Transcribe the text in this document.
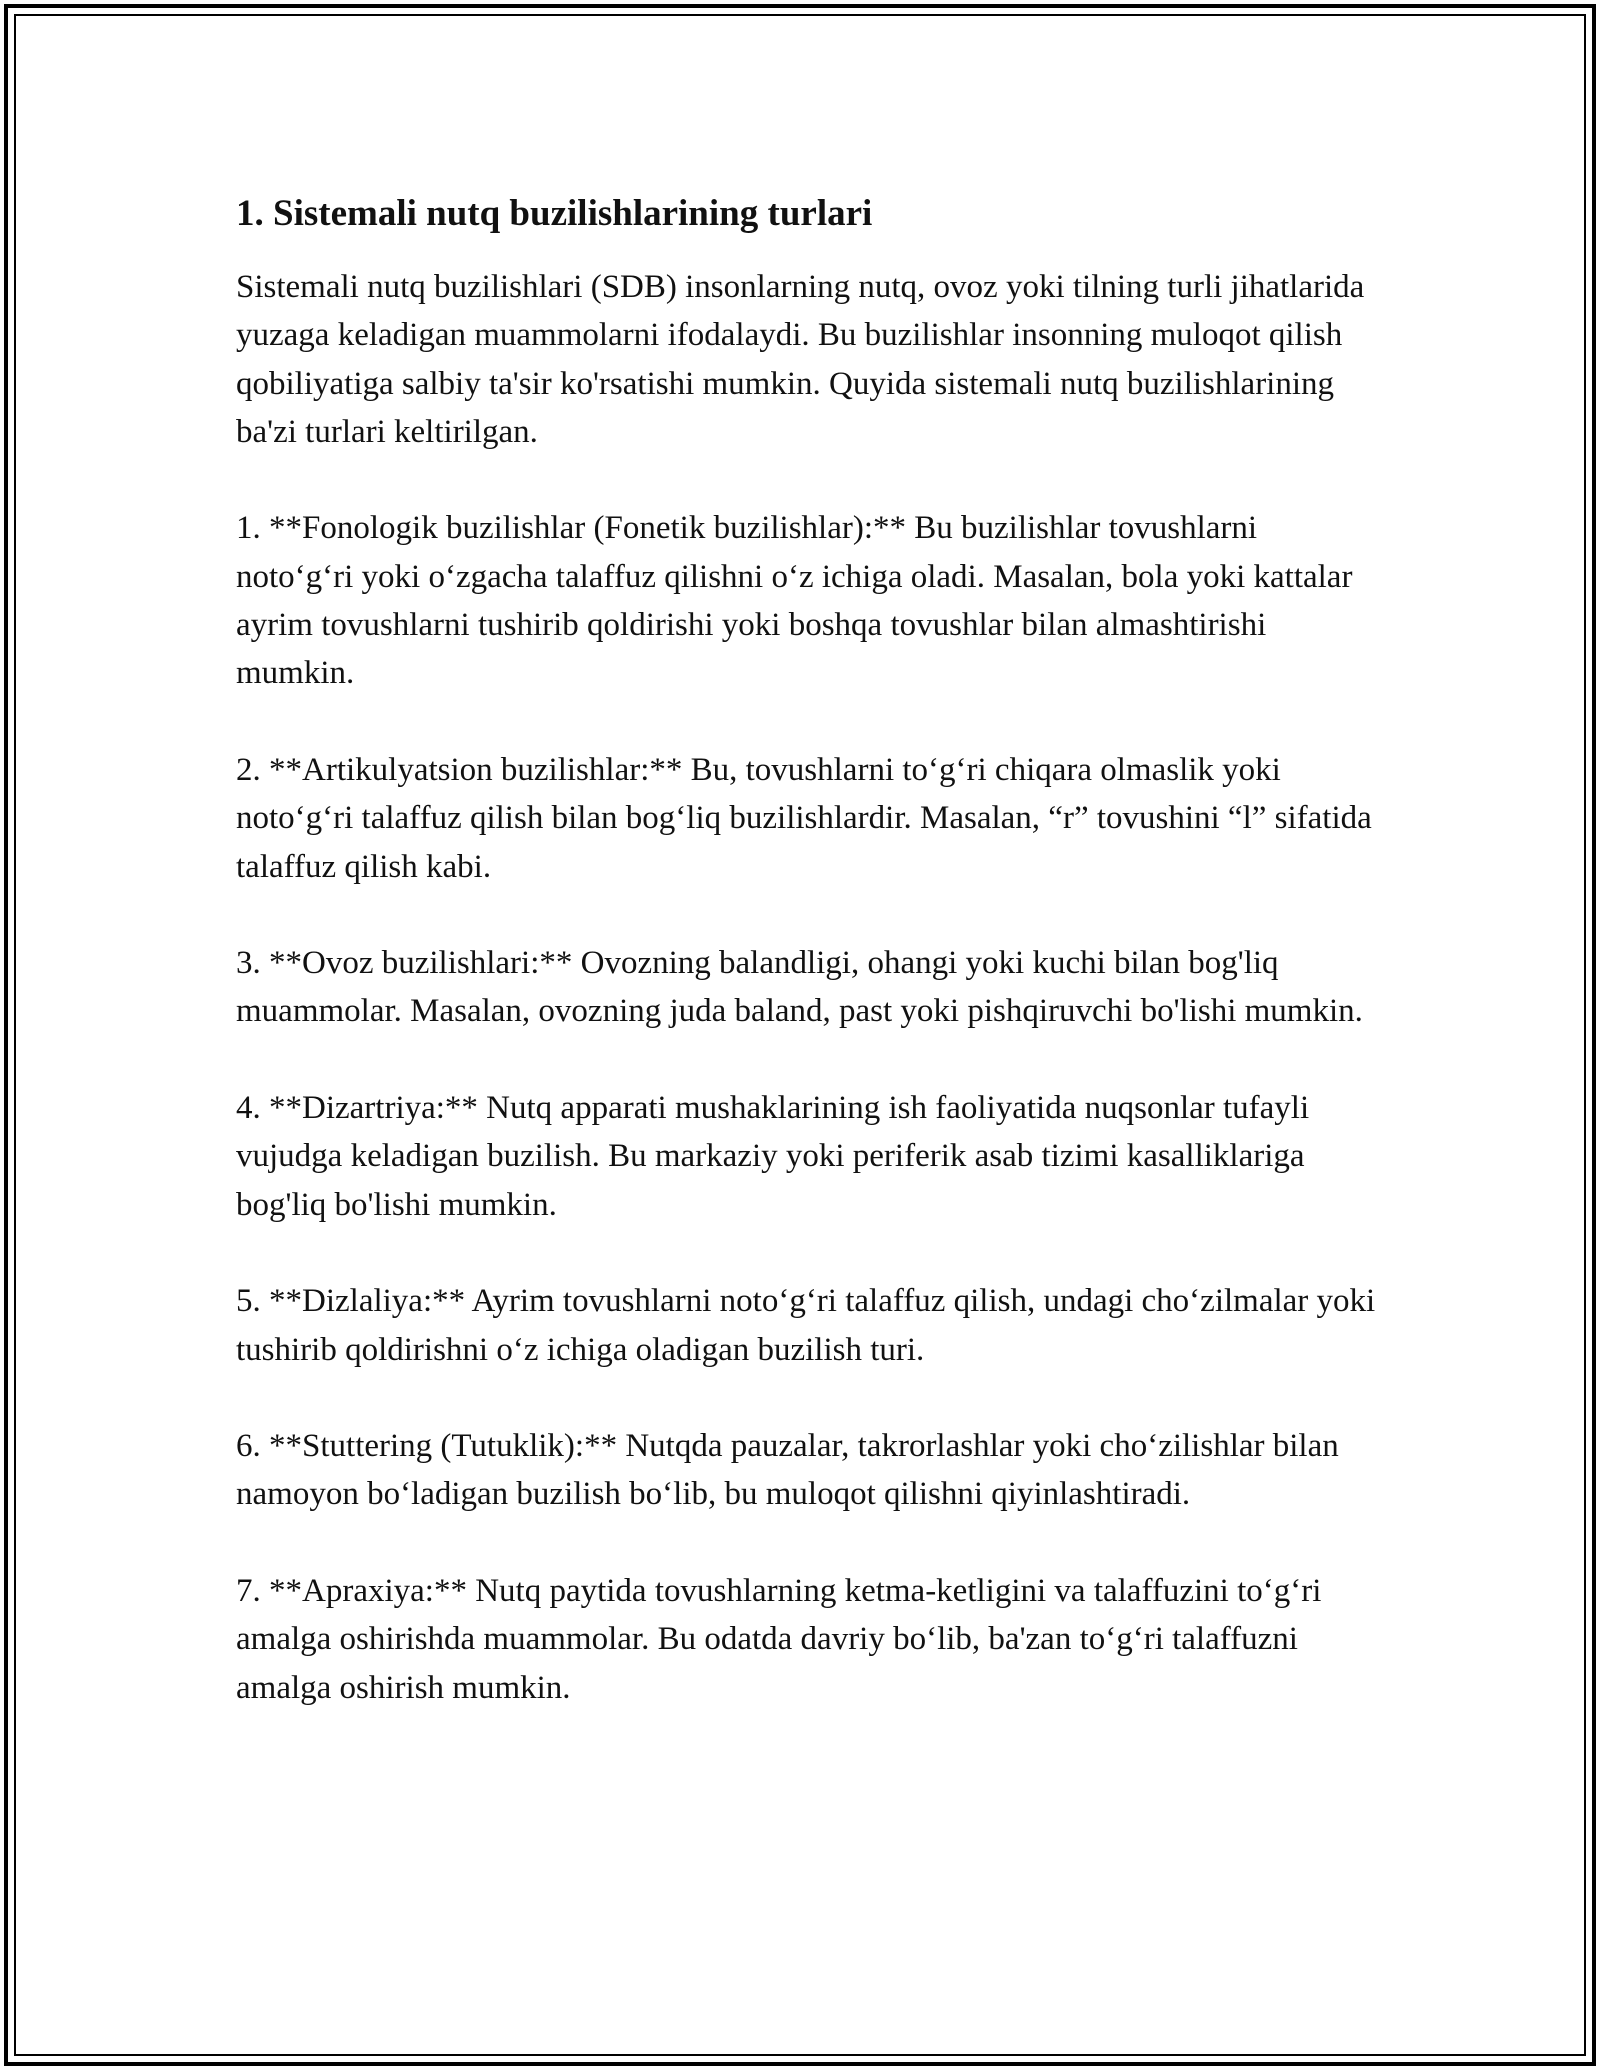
1. Sistemali nutq buzilishlarining turlari

Sistemali nutq buzilishlari (SDB) insonlarning nutq, ovoz yoki tilning turli jihatlarida yuzaga keladigan muammolarni ifodalaydi. Bu buzilishlar insonning muloqot qilish qobiliyatiga salbiy ta'sir ko'rsatishi mumkin. Quyida sistemali nutq buzilishlarining ba'zi turlari keltirilgan.

1. **Fonologik buzilishlar (Fonetik buzilishlar):** Bu buzilishlar tovushlarni noto‘g‘ri yoki o‘zgacha talaffuz qilishni o‘z ichiga oladi. Masalan, bola yoki kattalar ayrim tovushlarni tushirib qoldirishi yoki boshqa tovushlar bilan almashtirishi mumkin.

2. **Artikulyatsion buzilishlar:** Bu, tovushlarni to‘g‘ri chiqara olmaslik yoki noto‘g‘ri talaffuz qilish bilan bog‘liq buzilishlardir. Masalan, “r” tovushini “l” sifatida talaffuz qilish kabi.

3. **Ovoz buzilishlari:** Ovozning balandligi, ohangi yoki kuchi bilan bog'liq muammolar. Masalan, ovozning juda baland, past yoki pishqiruvchi bo'lishi mumkin.

4. **Dizartriya:** Nutq apparati mushaklarining ish faoliyatida nuqsonlar tufayli vujudga keladigan buzilish. Bu markaziy yoki periferik asab tizimi kasalliklariga bog'liq bo'lishi mumkin.

5. **Dizlaliya:** Ayrim tovushlarni noto‘g‘ri talaffuz qilish, undagi cho‘zilmalar yoki tushirib qoldirishni o‘z ichiga oladigan buzilish turi.

6. **Stuttering (Tutuklik):** Nutqda pauzalar, takrorlashlar yoki cho‘zilishlar bilan namoyon bo‘ladigan buzilish bo‘lib, bu muloqot qilishni qiyinlashtiradi.

7. **Apraxiya:** Nutq paytida tovushlarning ketma-ketligini va talaffuzini to‘g‘ri amalga oshirishda muammolar. Bu odatda davriy bo‘lib, ba'zan to‘g‘ri talaffuzni amalga oshirish mumkin.
